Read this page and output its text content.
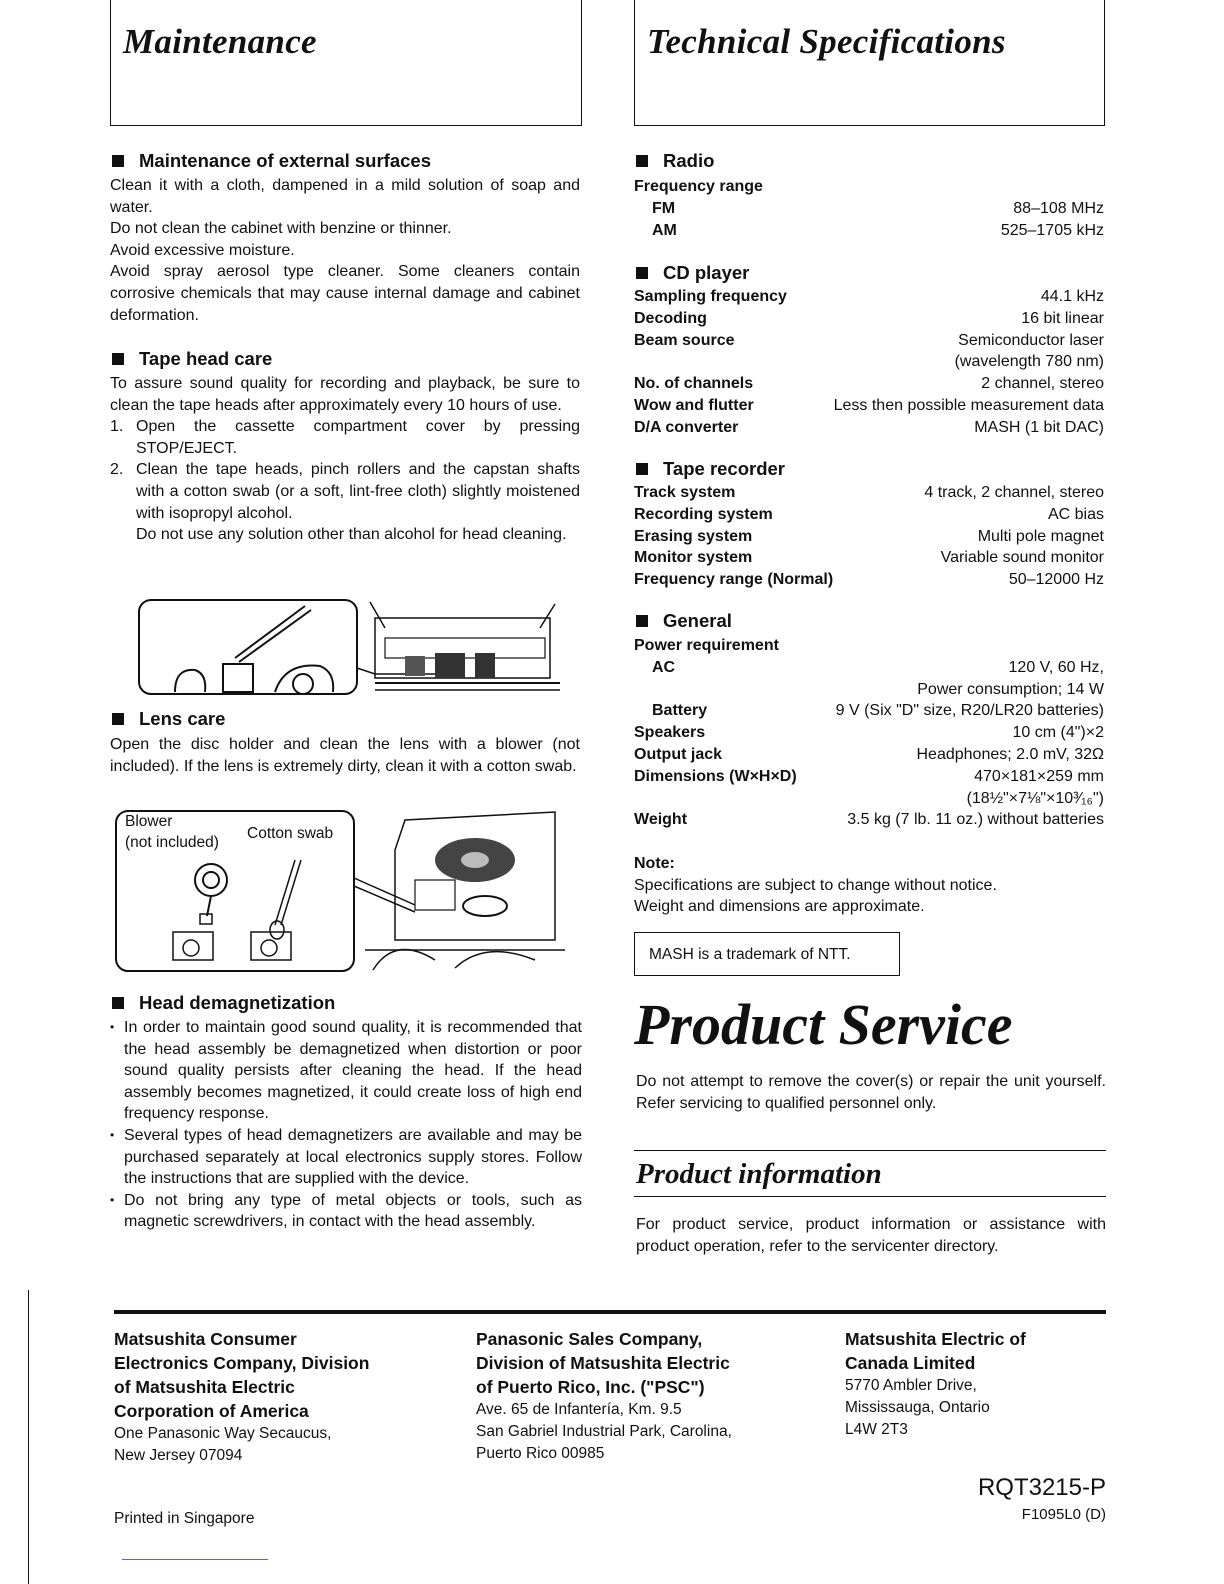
Maintenance	Technical Specifications
Maintenance of external surfaces

Clean it with a cloth, dampened in a mild solution of soap and water.

Do not clean the cabinet with benzine or thinner.

Avoid excessive moisture.

Avoid spray aerosol type cleaner. Some cleaners contain corrosive chemicals that may cause internal damage and cabinet deformation.

Tape head care

To assure sound quality for recording and playback, be sure to clean the tape heads after approximately every 10 hours of use.

1. Open the cassette compartment cover by pressing STOP/EJECT.
2. Clean the tape heads, pinch rollers and the capstan shafts with a cotton swab (or a soft, lint-free cloth) slightly moistened with isopropyl alcohol.

Do not use any solution other than alcohol for head cleaning.

Lens care

Open the disc holder and clean the lens with a blower (not included). If the lens is extremely dirty, clean it with a cotton swab.

Blower
(not included)
Cotton swab
Head demagnetization
• In order to maintain good sound quality, it is recommended that the head assembly be demagnetized when distortion or poor sound quality persists after cleaning the head. If the head assembly becomes magnetized, it could create loss of high end frequency response.
• Several types of head demagnetizers are available and may be purchased separately at local electronics supply stores. Follow the instructions that are supplied with the device.
• Do not bring any type of metal objects or tools, such as magnetic screwdrivers, in contact with the head assembly.
Radio
Frequency range
FM	88–108 MHz
AM	525–1705 kHz
CD player
Sampling frequency	44.1 kHz
Decoding	16 bit linear
Beam source	Semiconductor laser
(wavelength 780 nm)
No. of channels	2 channel, stereo
Wow and flutter	Less then possible measurement data
D/A converter	MASH (1 bit DAC)
Tape recorder
Track system	4 track, 2 channel, stereo
Recording system	AC bias
Erasing system	Multi pole magnet
Monitor system	Variable sound monitor
Frequency range (Normal)	50–12000 Hz
General
Power requirement
AC	120 V, 60 Hz,
Power consumption; 14 W
Battery	9 V (Six "D" size, R20/LR20 batteries)
Speakers	10 cm (4")×2
Output jack	Headphones; 2.0 mV, 32Ω
Dimensions (W×H×D)	470×181×259 mm
(18½"×7⅛"×10³⁄₁₆")
Weight	3.5 kg (7 lb. 11 oz.) without batteries

Note:

Specifications are subject to change without notice.

Weight and dimensions are approximate.

MASH is a trademark of NTT.
Product Service
Do not attempt to remove the cover(s) or repair the unit yourself. Refer servicing to qualified personnel only.
Product information
For product service, product information or assistance with product operation, refer to the servicenter directory.
Matsushita Consumer
Electronics Company, Division
of Matsushita Electric
Corporation of America
One Panasonic Way Secaucus,
New Jersey 07094
Panasonic Sales Company,
Division of Matsushita Electric
of Puerto Rico, Inc. ("PSC")
Ave. 65 de Infantería, Km. 9.5
San Gabriel Industrial Park, Carolina,
Puerto Rico 00985
Matsushita Electric of
Canada Limited
5770 Ambler Drive,
Mississauga, Ontario
L4W 2T3
Printed in Singapore
RQT3215-P
F1095L0 (D)
